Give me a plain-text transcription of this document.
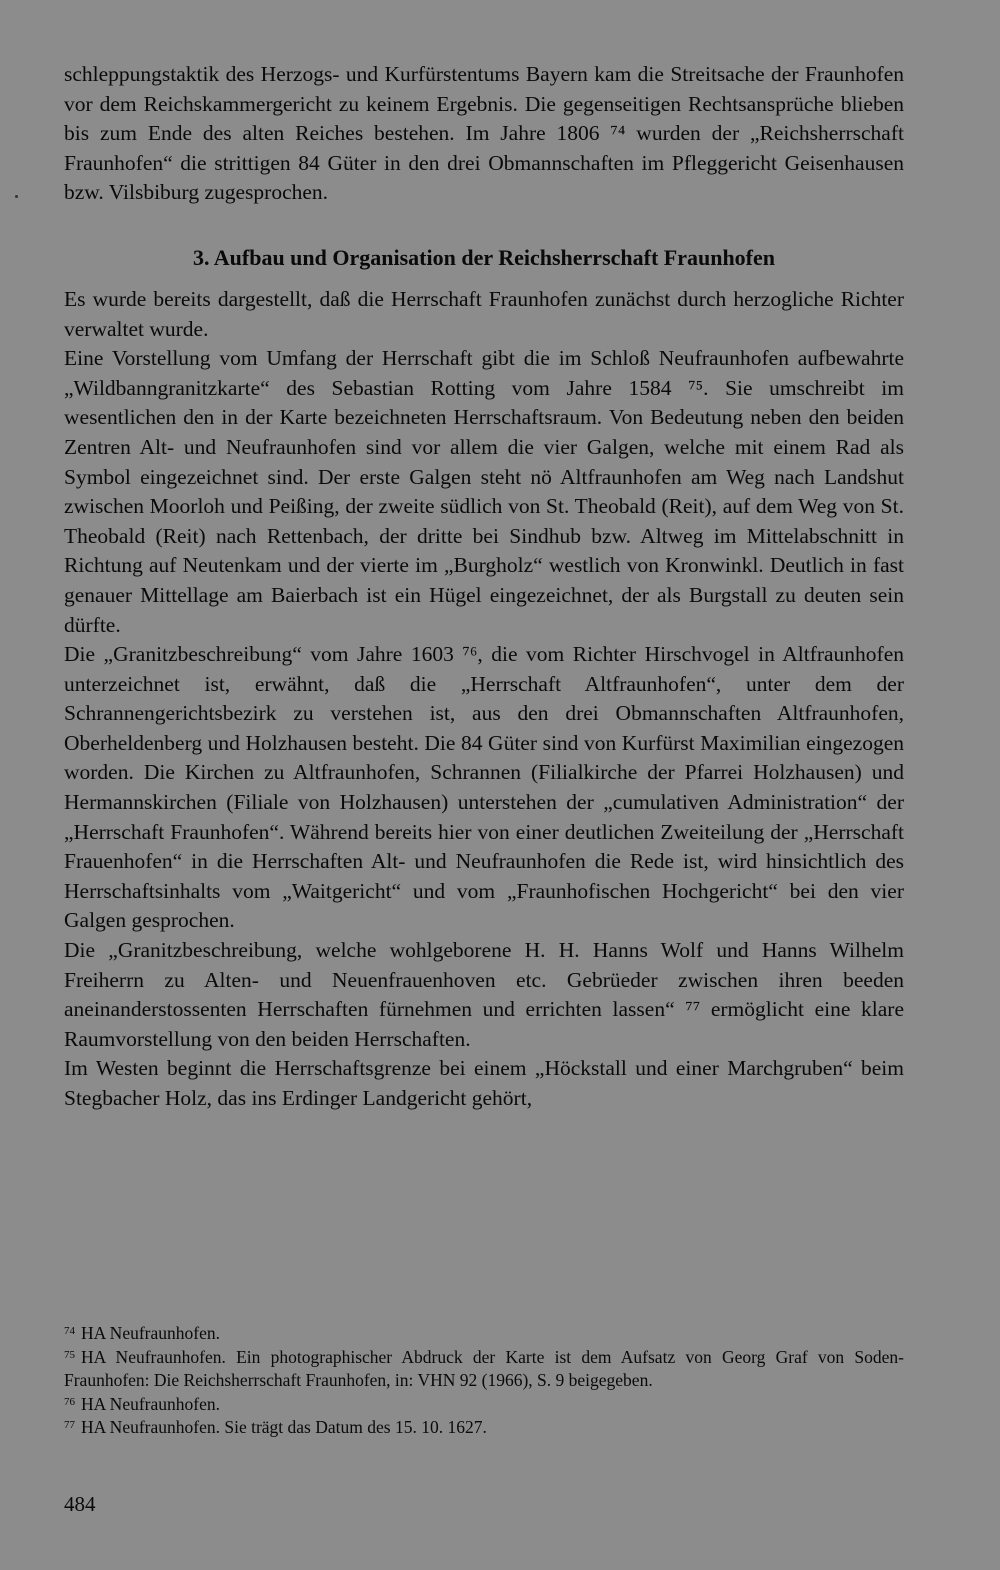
schleppungstaktik des Herzogs- und Kurfürstentums Bayern kam die Streitsache der Fraunhofen vor dem Reichskammergericht zu keinem Ergebnis. Die gegenseitigen Rechtsansprüche blieben bis zum Ende des alten Reiches bestehen. Im Jahre 1806 ⁷⁴ wurden der „Reichsherrschaft Fraunhofen“ die strittigen 84 Güter in den drei Obmannschaften im Pfleggericht Geisenhausen bzw. Vilsbiburg zugesprochen.

3. Aufbau und Organisation der Reichsherrschaft Fraunhofen

Es wurde bereits dargestellt, daß die Herrschaft Fraunhofen zunächst durch herzogliche Richter verwaltet wurde.

Eine Vorstellung vom Umfang der Herrschaft gibt die im Schloß Neufraunhofen aufbewahrte „Wildbanngranitzkarte“ des Sebastian Rotting vom Jahre 1584 ⁷⁵. Sie umschreibt im wesentlichen den in der Karte bezeichneten Herrschaftsraum. Von Bedeutung neben den beiden Zentren Alt- und Neufraunhofen sind vor allem die vier Galgen, welche mit einem Rad als Symbol eingezeichnet sind. Der erste Galgen steht nö Altfraunhofen am Weg nach Landshut zwischen Moorloh und Peißing, der zweite südlich von St. Theobald (Reit), auf dem Weg von St. Theobald (Reit) nach Rettenbach, der dritte bei Sindhub bzw. Altweg im Mittelabschnitt in Richtung auf Neutenkam und der vierte im „Burgholz“ westlich von Kronwinkl. Deutlich in fast genauer Mittellage am Baierbach ist ein Hügel eingezeichnet, der als Burgstall zu deuten sein dürfte.

Die „Granitzbeschreibung“ vom Jahre 1603 ⁷⁶, die vom Richter Hirschvogel in Altfraunhofen unterzeichnet ist, erwähnt, daß die „Herrschaft Altfraunhofen“, unter dem der Schrannengerichtsbezirk zu verstehen ist, aus den drei Obmannschaften Altfraunhofen, Oberheldenberg und Holzhausen besteht. Die 84 Güter sind von Kurfürst Maximilian eingezogen worden. Die Kirchen zu Altfraunhofen, Schrannen (Filialkirche der Pfarrei Holzhausen) und Hermannskirchen (Filiale von Holzhausen) unterstehen der „cumulativen Administration“ der „Herrschaft Fraunhofen“. Während bereits hier von einer deutlichen Zweiteilung der „Herrschaft Frauenhofen“ in die Herrschaften Alt- und Neufraunhofen die Rede ist, wird hinsichtlich des Herrschaftsinhalts vom „Waitgericht“ und vom „Fraunhofischen Hochgericht“ bei den vier Galgen gesprochen.

Die „Granitzbeschreibung, welche wohlgeborene H. H. Hanns Wolf und Hanns Wilhelm Freiherrn zu Alten- und Neuenfrauenhoven etc. Gebrüeder zwischen ihren beeden aneinanderstossenten Herrschaften fürnehmen und errichten lassen“ ⁷⁷ ermöglicht eine klare Raumvorstellung von den beiden Herrschaften.

Im Westen beginnt die Herrschaftsgrenze bei einem „Höckstall und einer Marchgruben“ beim Stegbacher Holz, das ins Erdinger Landgericht gehört,

$^{74}$ HA Neufraunhofen.

$^{75}$ HA Neufraunhofen. Ein photographischer Abdruck der Karte ist dem Aufsatz von Georg Graf von Soden-Fraunhofen: Die Reichsherrschaft Fraunhofen, in: VHN 92 (1966), S. 9 beigegeben.

$^{76}$ HA Neufraunhofen.

$^{77}$ HA Neufraunhofen. Sie trägt das Datum des 15. 10. 1627.

484
